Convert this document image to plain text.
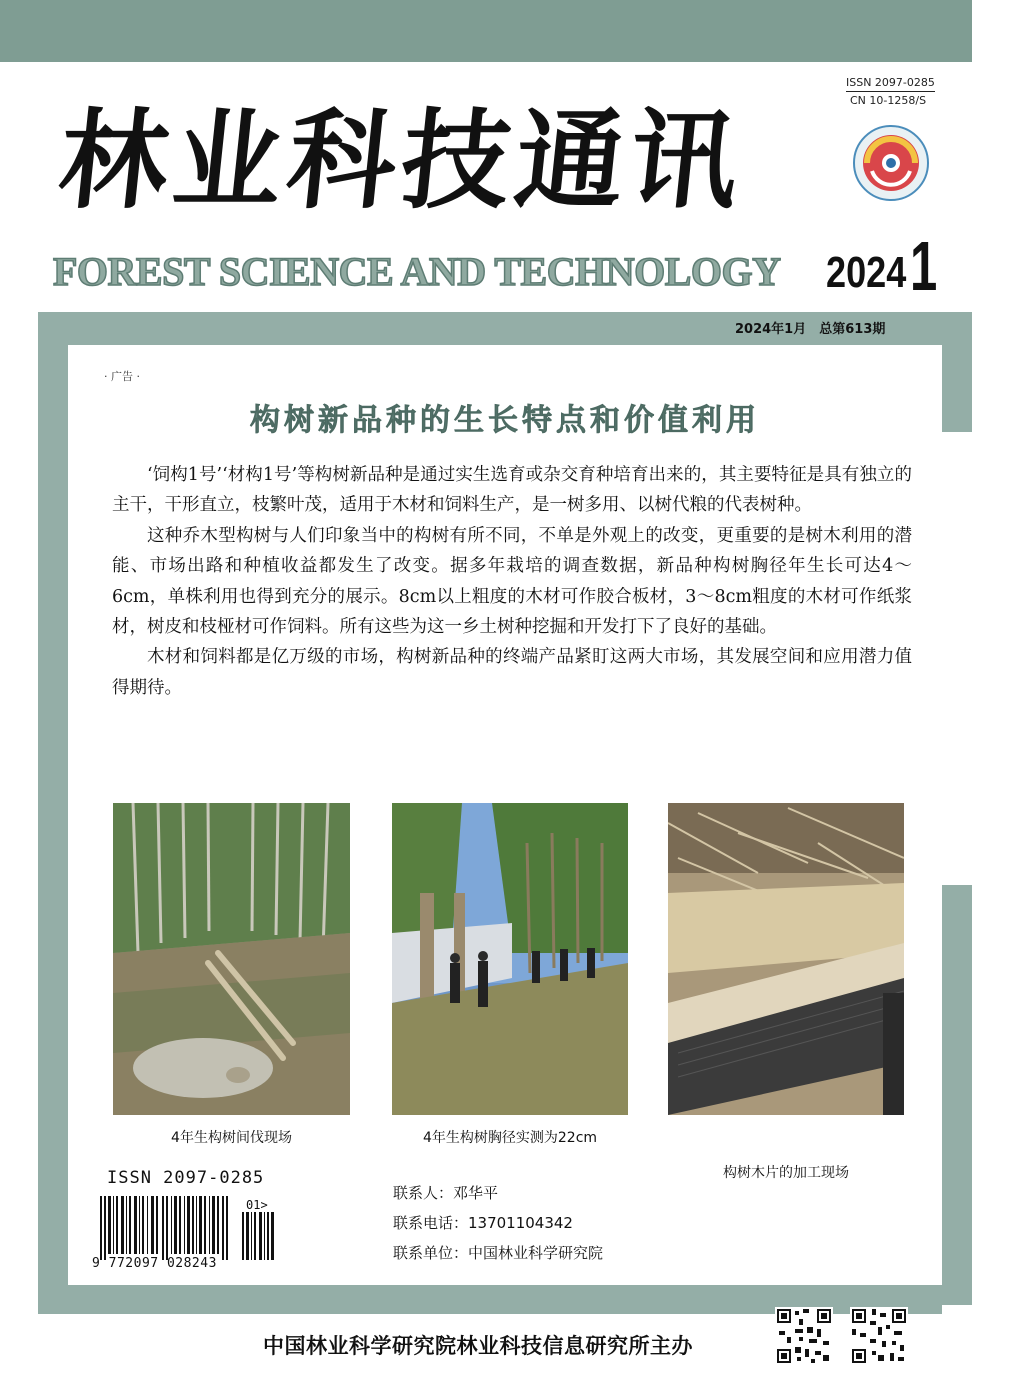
ISSN 2097-0285
CN 10-1258/S
林业科技通讯
FOREST SCIENCE AND TECHNOLOGY 2024 1
2024年1月　总第613期
· 广告 ·
构树新品种的生长特点和价值利用

‘饲构1号’‘材构1号’等构树新品种是通过实生选育或杂交育种培育出来的，其主要特征是具有独立的主干，干形直立，枝繁叶茂，适用于木材和饲料生产，是一树多用、以树代粮的代表树种。

这种乔木型构树与人们印象当中的构树有所不同，不单是外观上的改变，更重要的是树木利用的潜能、市场出路和种植收益都发生了改变。据多年栽培的调查数据，新品种构树胸径年生长可达4～6cm，单株利用也得到充分的展示。8cm以上粗度的木材可作胶合板材，3～8cm粗度的木材可作纸浆材，树皮和枝桠材可作饲料。所有这些为这一乡土树种挖掘和开发打下了良好的基础。

木材和饲料都是亿万级的市场，构树新品种的终端产品紧盯这两大市场，其发展空间和应用潜力值得期待。

4年生构树间伐现场	4年生构树胸径实测为22cm
构树木片的加工现场
ISSN 2097-0285
01>
9 772097 028243
联系人：邓华平
联系电话：13701104342
联系单位：中国林业科学研究院
中国林业科学研究院林业科技信息研究所主办
